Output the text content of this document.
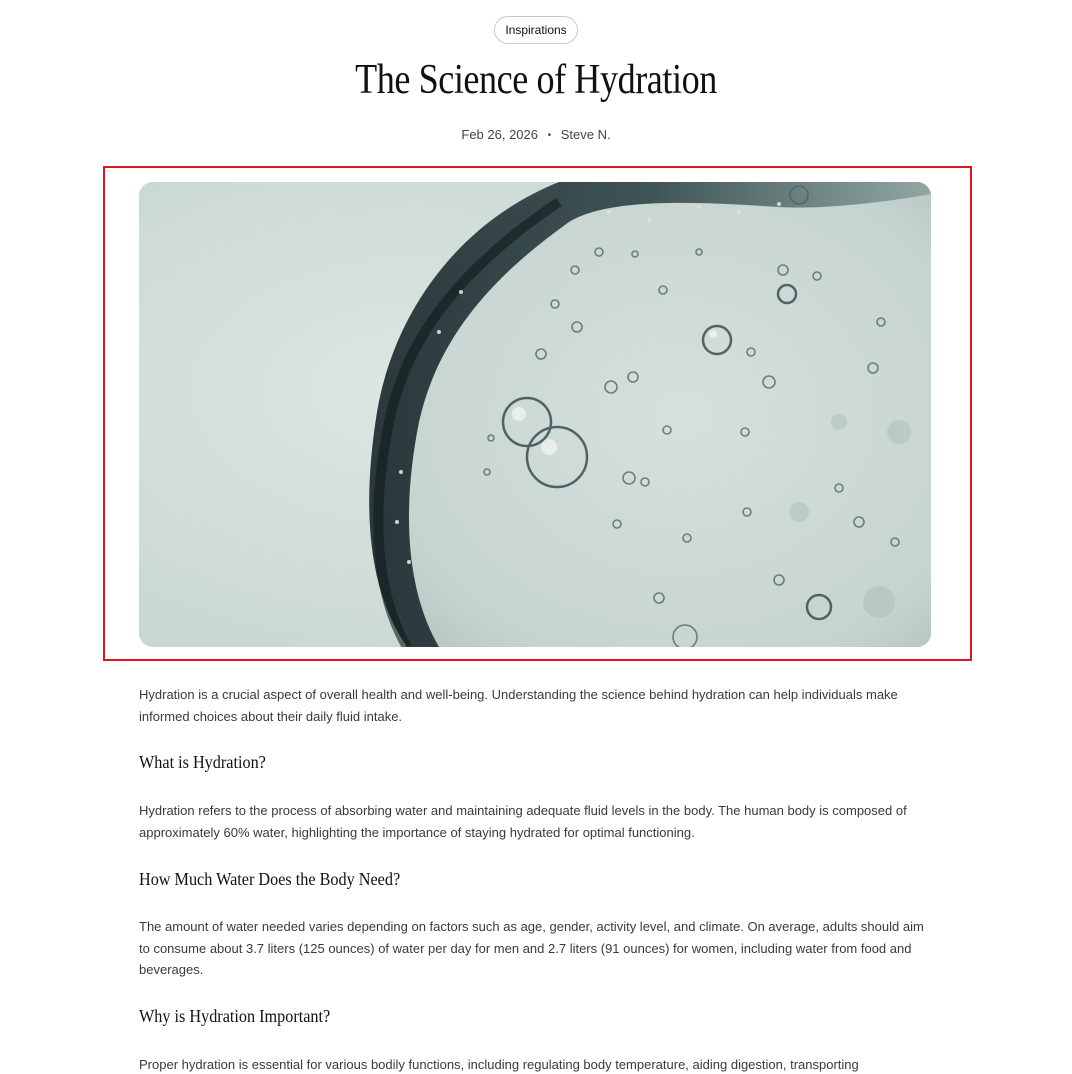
Inspirations
The Science of Hydration
Feb 26, 2026 • Steve N.

Hydration is a crucial aspect of overall health and well-being. Understanding the science behind hydration can help individuals make informed choices about their daily fluid intake.

What is Hydration?

Hydration refers to the process of absorbing water and maintaining adequate fluid levels in the body. The human body is composed of approximately 60% water, highlighting the importance of staying hydrated for optimal functioning.

How Much Water Does the Body Need?

The amount of water needed varies depending on factors such as age, gender, activity level, and climate. On average, adults should aim to consume about 3.7 liters (125 ounces) of water per day for men and 2.7 liters (91 ounces) for women, including water from food and beverages.

Why is Hydration Important?

Proper hydration is essential for various bodily functions, including regulating body temperature, aiding digestion, transporting
